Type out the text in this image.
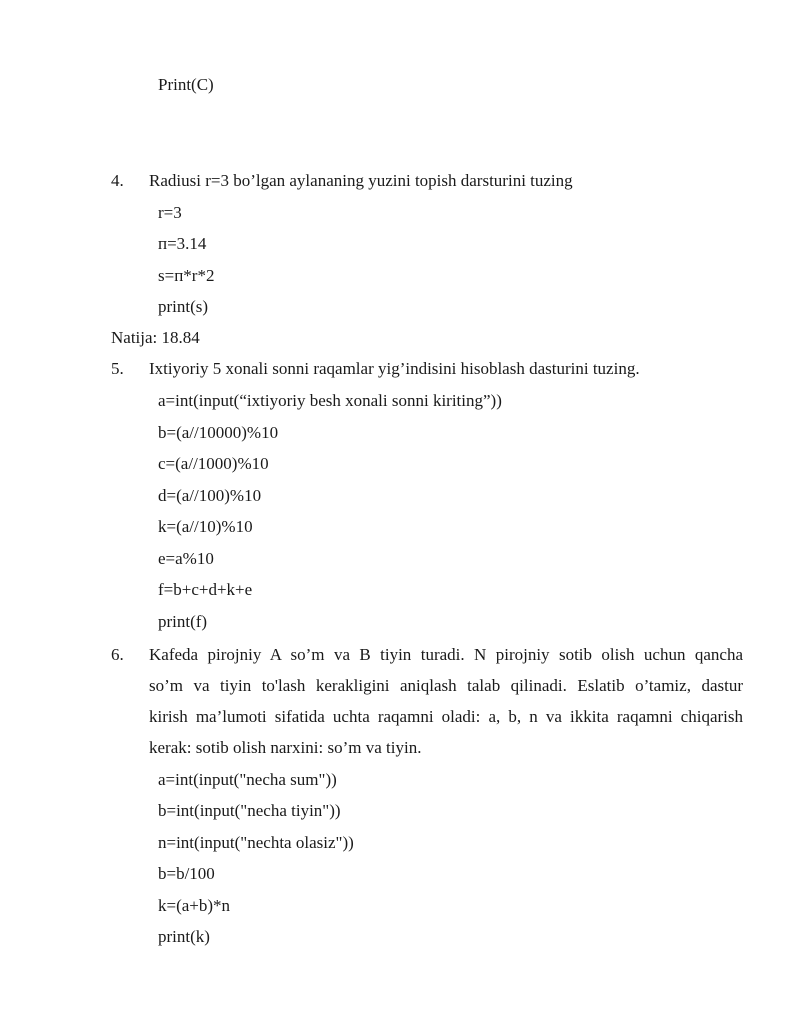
Print(C)
4. Radiusi r=3 bo’lgan aylananing yuzini topish darsturini tuzing
r=3
п=3.14
s=п*r*2
print(s)
Natija: 18.84
5. Ixtiyoriy 5 xonali sonni raqamlar yig’indisini hisoblash dasturini tuzing.
a=int(input(“ixtiyoriy besh xonali sonni kiriting”))
b=(a//10000)%10
c=(a//1000)%10
d=(a//100)%10
k=(a//10)%10
e=a%10
f=b+c+d+k+e
print(f)
6. Kafeda pirojniy A so’m va B tiyin turadi. N pirojniy sotib olish uchun qancha
so’m va tiyin to'lash kerakligini aniqlash talab qilinadi. Eslatib o’tamiz, dastur
kirish ma’lumoti sifatida uchta raqamni oladi: a, b, n va ikkita raqamni chiqarish
kerak: sotib olish narxini: so’m va tiyin.
a=int(input("necha sum"))
b=int(input("necha tiyin"))
n=int(input("nechta olasiz"))
b=b/100
k=(a+b)*n
print(k)
